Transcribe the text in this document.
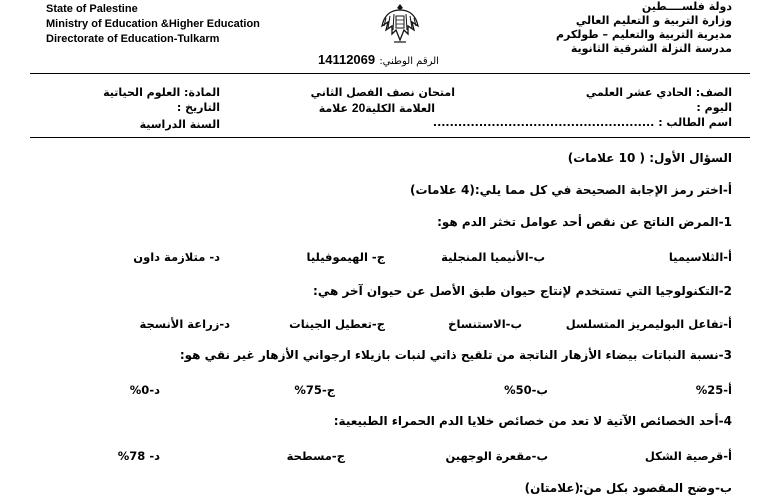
State of Palestine
Ministry of Education &Higher Education
Directorate of Education-Tulkarm
الرقم الوطني: 14112069
دولة فلســــطين
وزارة التربية و التعليم العالي
مديرية التربية والتعليم – طولكرم
مدرسة النزلة الشرقية الثانوية
المادة: العلوم الحياتية
التاريخ :
السنة الدراسية
امتحان نصف الفصل الثاني
العلامة الكلية20 علامة
الصف: الحادي عشر العلمي
اليوم :
اسم الطالب : .....................................................
السؤال الأول: ( 10 علامات)
أ-اختر رمز الإجابة الصحيحة في كل مما يلي:(4 علامات)
1-المرض الناتج عن نقص أحد عوامل تخثر الدم هو:
أ-الثلاسيميا
ب-الأنيميا المنجلية
ج- الهيموفيليا
د- متلازمة داون
2-التكنولوجيا التي تستخدم لإنتاج حيوان طبق الأصل عن حيوان آخر هي:
أ-تفاعل البوليمريز المتسلسل
ب-الاستنساخ
ج-تعطيل الجينات
د-زراعة الأنسجة
3-نسبة النباتات بيضاء الأزهار الناتجة من تلقيح ذاتي لنبات بازيلاء ارجواني الأزهار غير نقي هو:
أ-25%
ب-50%
ج-75%
د-0%
4-أحد الخصائص الآتية لا تعد من خصائص خلايا الدم الحمراء الطبيعية:
أ-قرصية الشكل
ب-مقعرة الوجهين
ج-مسطحة
د- 78%
ب-وضح المقصود بكل من:
(علامتان)
